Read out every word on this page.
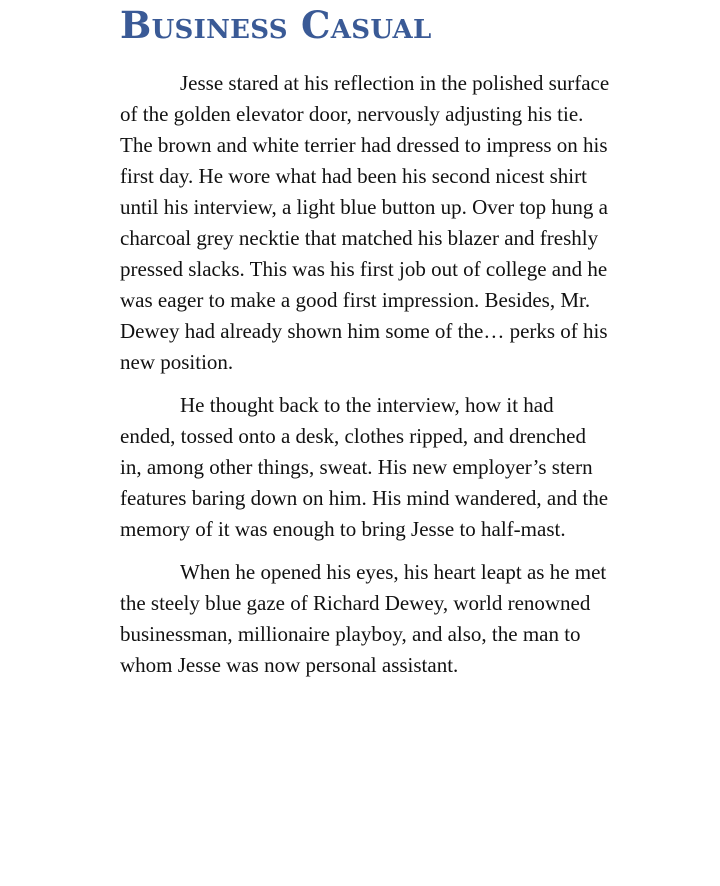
Business Casual

Jesse stared at his reflection in the polished surface of the golden elevator door, nervously adjusting his tie. The brown and white terrier had dressed to impress on his first day. He wore what had been his second nicest shirt until his interview, a light blue button up. Over top hung a charcoal grey necktie that matched his blazer and freshly pressed slacks. This was his first job out of college and he was eager to make a good first impression. Besides, Mr. Dewey had already shown him some of the… perks of his new position.

He thought back to the interview, how it had ended, tossed onto a desk, clothes ripped, and drenched in, among other things, sweat. His new employer’s stern features baring down on him. His mind wandered, and the memory of it was enough to bring Jesse to half-mast.

When he opened his eyes, his heart leapt as he met the steely blue gaze of Richard Dewey, world renowned businessman, millionaire playboy, and also, the man to whom Jesse was now personal assistant.
